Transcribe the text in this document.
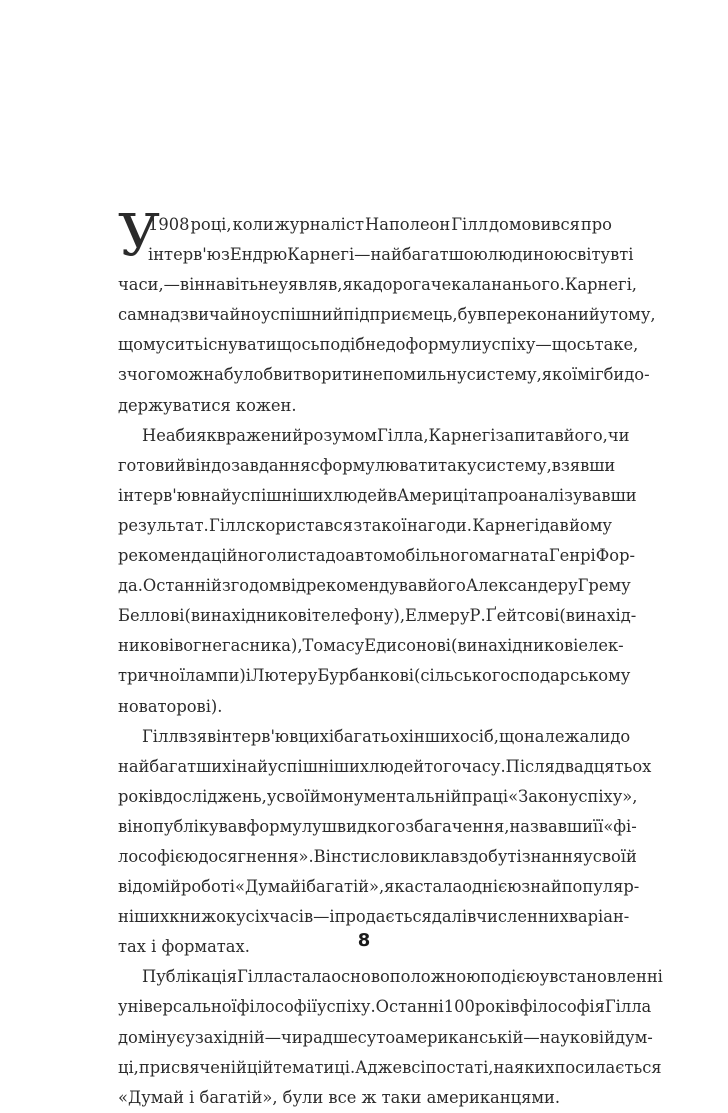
У
1908 році, коли журналіст Наполеон Гілл домовився про
інтерв'ю з Ендрю Карнегі — найбагатшою людиною світу в ті
часи,— він навіть не уявляв, яка дорога чекала на нього. Карнегі,
сам надзвичайно успішний підприємець, був переконаний у тому,
що мусить існувати щось подібне до формули успіху — щось таке,
з чого можна було б витворити непомильну систему, якої міг би до-
держуватися кожен.
Неабияк вражений розумом Гілла, Карнегі запитав його, чи
готовий він до завдання сформулювати таку систему, взявши
інтерв'ю в найуспішніших людей в Америці та проаналізувавши
результат. Гілл скористався з такої нагоди. Карнегі дав йому
рекомендаційного листа до автомобільного магната Генрі Фор-
да. Останній згодом відрекомендував його Александеру Грему
Беллові (винахідникові телефону), Елмеру Р. Ґейтсові (винахід-
никові вогнегасника), Томасу Едисонові (винахідникові елек-
тричної лампи) і Лютеру Бурбанкові (сільськогосподарському
новаторові).
Гілл взяв інтерв'ю в цих і багатьох інших осіб, що належали до
найбагатших і найуспішніших людей того часу. Після двадцятьох
років досліджень, у своїй монументальній праці «Закон успіху»,
він опублікував формулу швидкого збагачення, назвавши її «фі-
лософією досягнення». Він стисло виклав здобуті знання у своїй
відомій роботі «Думай і багатій», яка стала однією з найпопуляр-
ніших книжок усіх часів — і продається далі в численних варіан-
тах і форматах.
Публікація Гілла стала основоположною подією у встановленні
універсальної філософії успіху. Останні 100 років філософія Гілла
домінує у західній — чи радше суто американській — науковій дум-
ці, присвяченій цій тематиці. Адже всі постаті, на яких посилається
«Думай і багатій», були все ж таки американцями.
8
